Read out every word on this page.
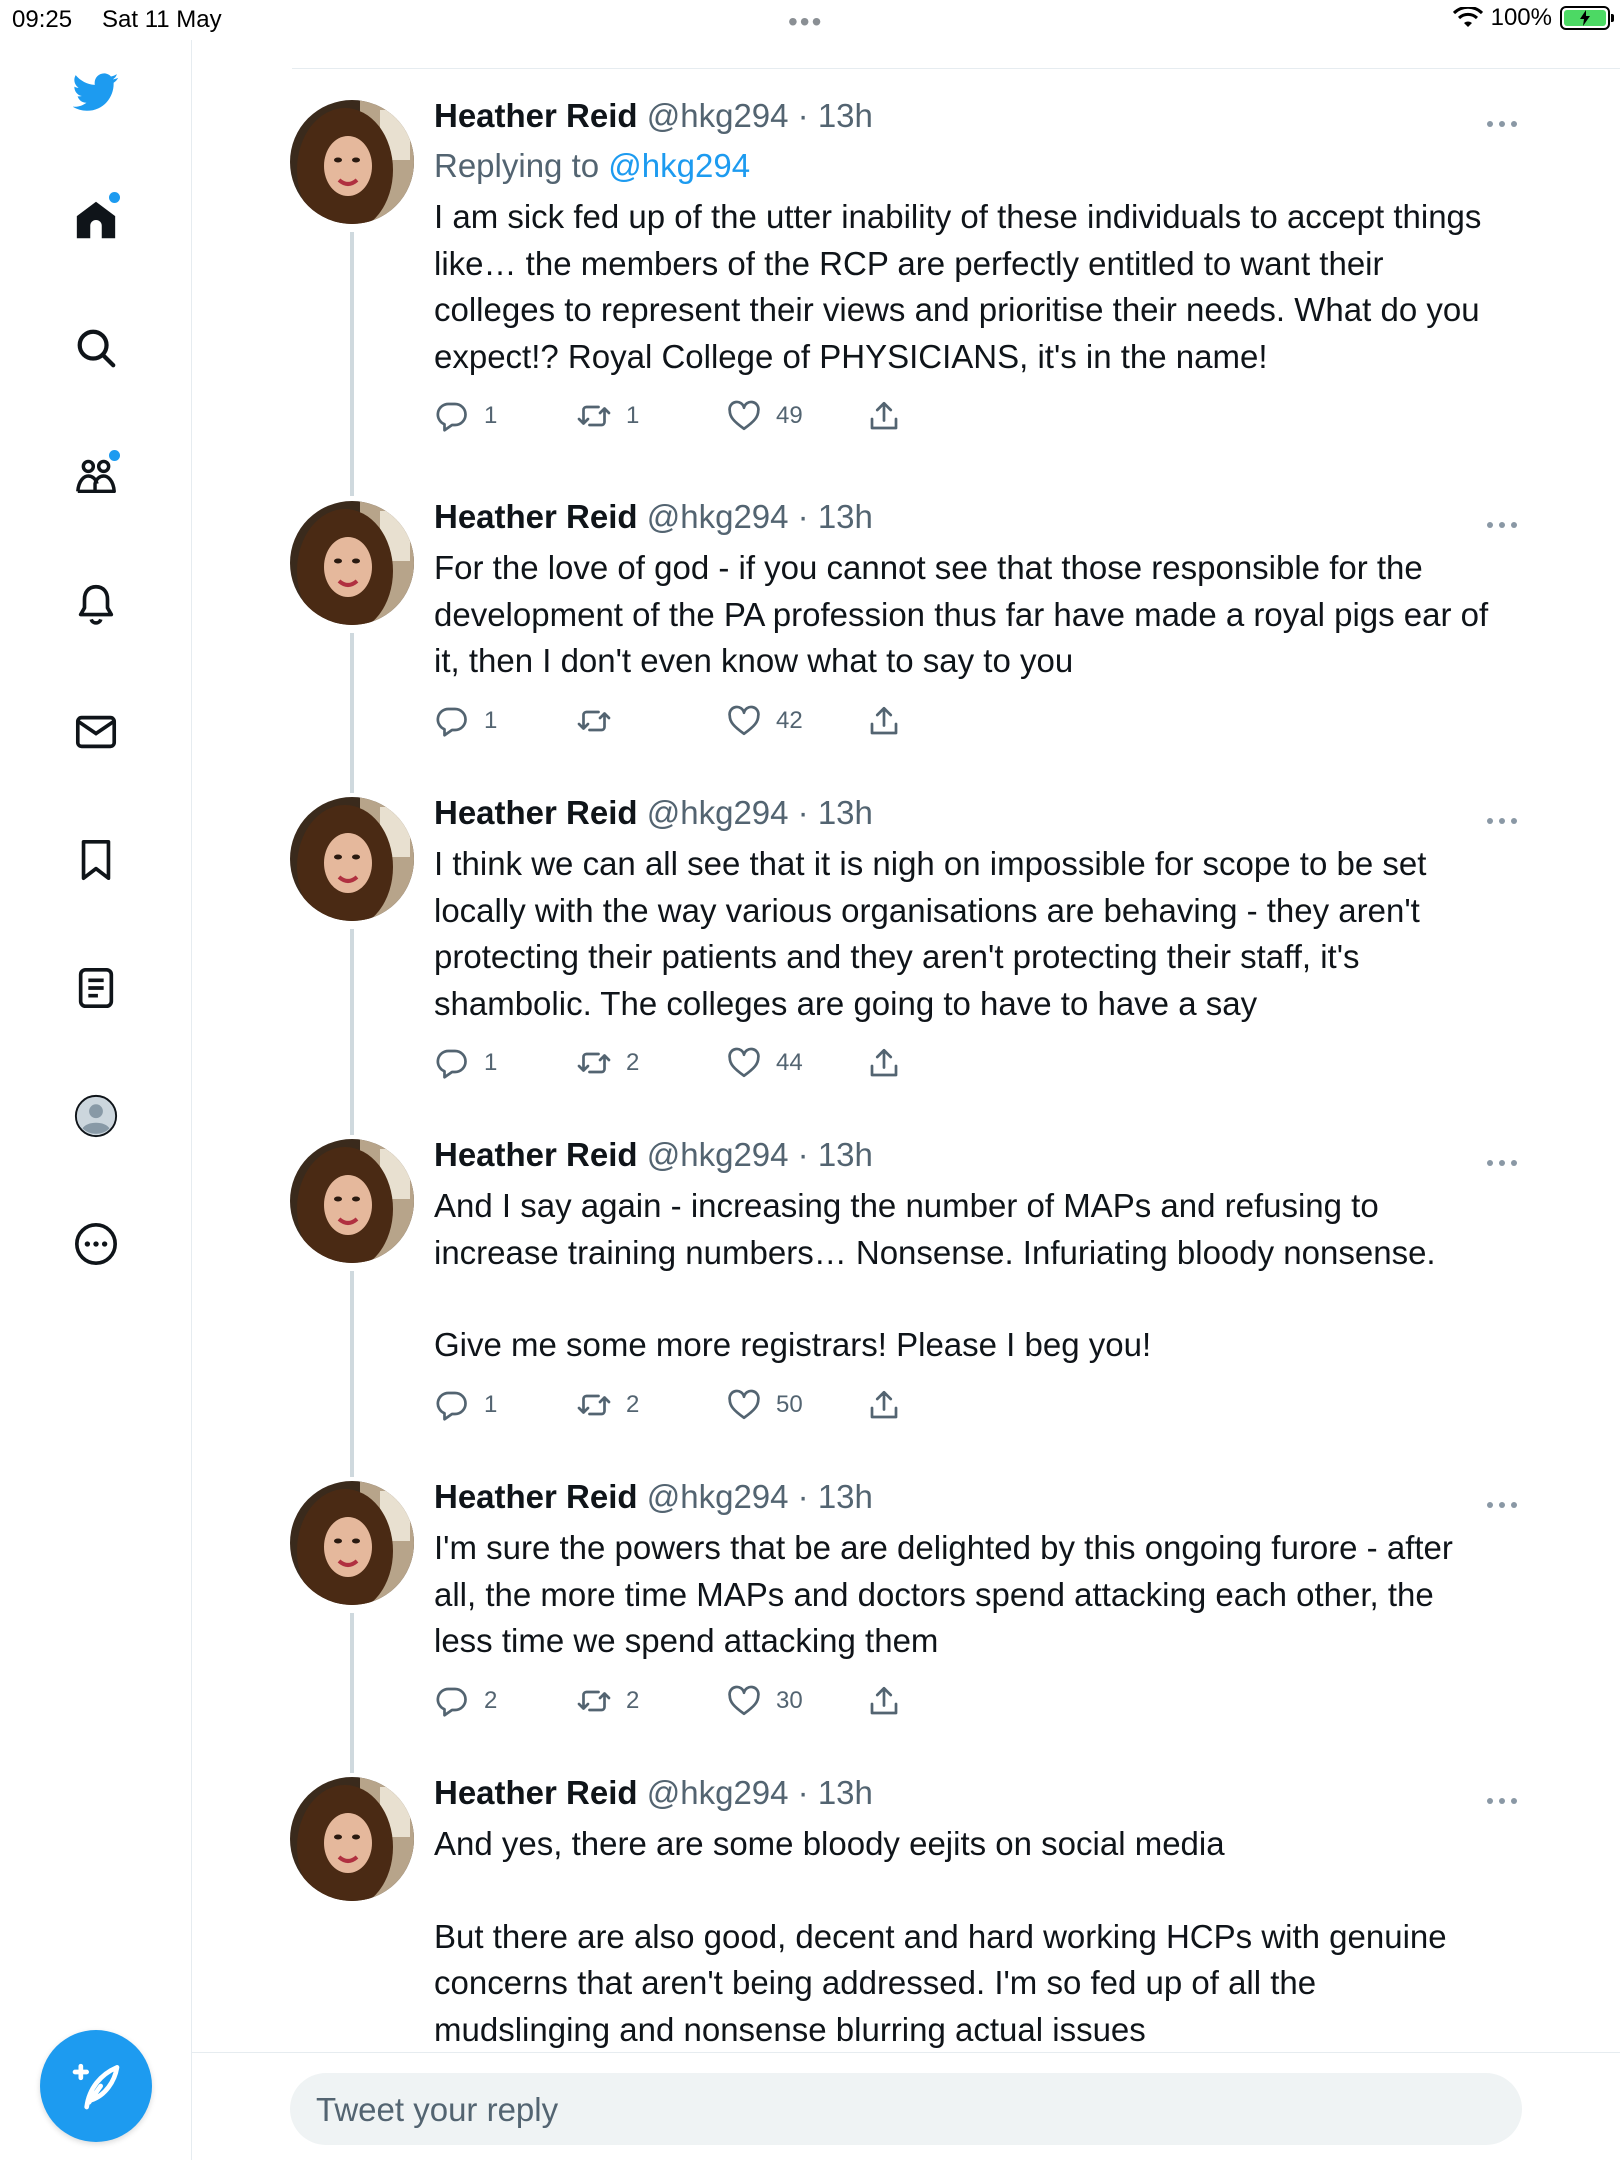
09:25 Sat 11 May	•••	100%
Heather Reid @hkg294 · 13h
Replying to @hkg294

I am sick fed up of the utter inability of these individuals to accept things like… the members of the RCP are perfectly entitled to want their colleges to represent their views and prioritise their needs. What do you expect!? Royal College of PHYSICIANS, it's in the name!

1	1	49
Heather Reid @hkg294 · 13h

For the love of god - if you cannot see that those responsible for the development of the PA profession thus far have made a royal pigs ear of it, then I don't even know what to say to you

1	42
Heather Reid @hkg294 · 13h

I think we can all see that it is nigh on impossible for scope to be set locally with the way various organisations are behaving - they aren't protecting their patients and they aren't protecting their staff, it's shambolic. The colleges are going to have to have a say

1	2	44
Heather Reid @hkg294 · 13h

And I say again - increasing the number of MAPs and refusing to increase training numbers… Nonsense. Infuriating bloody nonsense.

Give me some more registrars! Please I beg you!

1	2	50
Heather Reid @hkg294 · 13h

I'm sure the powers that be are delighted by this ongoing furore - after all, the more time MAPs and doctors spend attacking each other, the less time we spend attacking them

2	2	30
Heather Reid @hkg294 · 13h

And yes, there are some bloody eejits on social media

But there are also good, decent and hard working HCPs with genuine concerns that aren't being addressed. I'm so fed up of all the mudslinging and nonsense blurring actual issues

Tweet your reply
